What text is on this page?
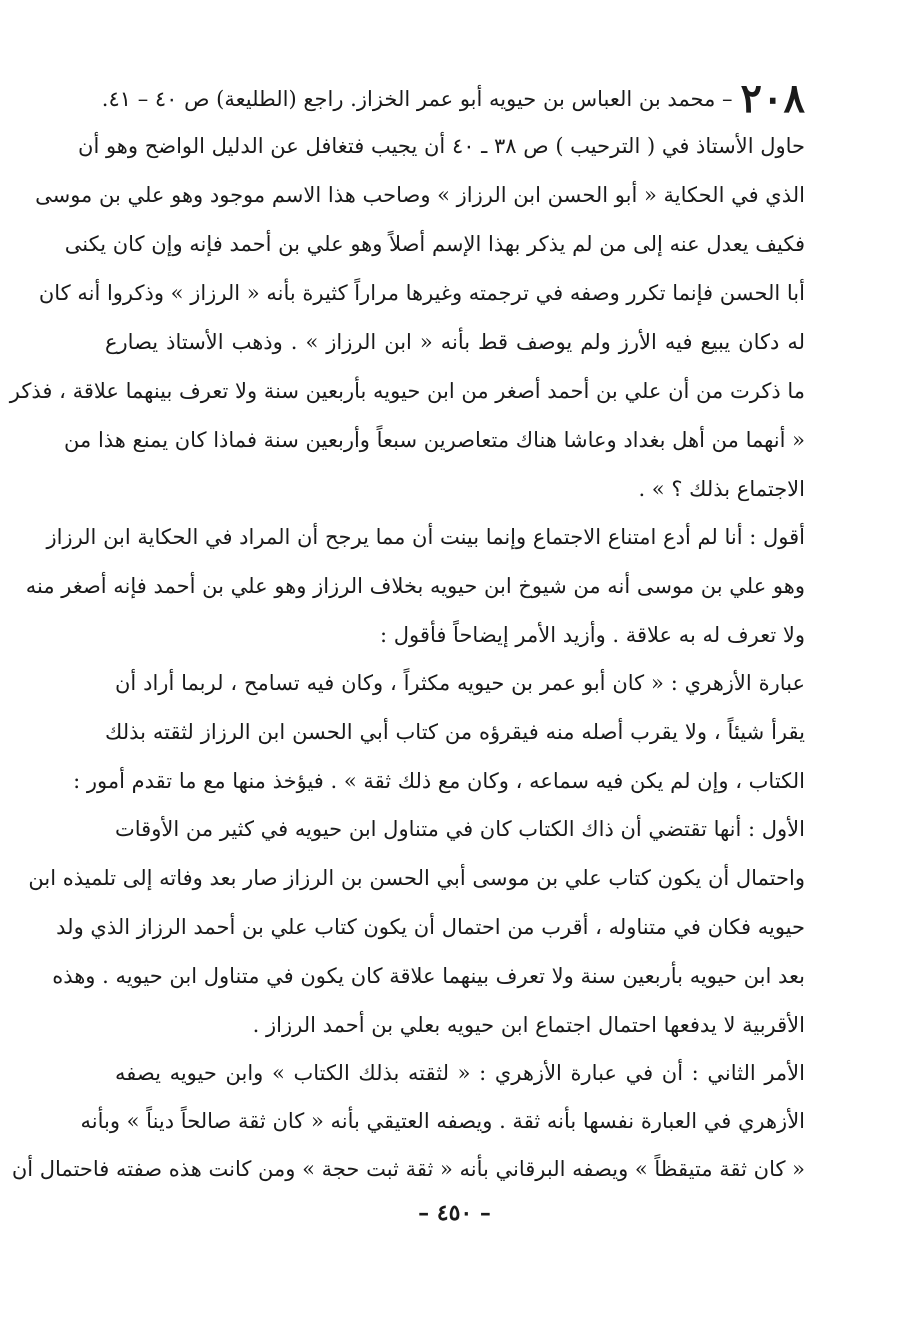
٢٠٨– محمد بن العباس بن حيويه أبو عمر الخزاز. راجع (الطليعة) ص ٤٠ – ٤١.
حاول الأستاذ في ( الترحيب ) ص ٣٨ ـ ٤٠ أن يجيب فتغافل عن الدليل الواضح وهو أن
الذي في الحكاية « أبو الحسن ابن الرزاز » وصاحب هذا الاسم موجود وهو علي بن موسى
فكيف يعدل عنه إلى من لم يذكر بهذا الإسم أصلاً وهو علي بن أحمد فإنه وإن كان يكنى
أبا الحسن فإنما تكرر وصفه في ترجمته وغيرها مراراً كثيرة بأنه « الرزاز » وذكروا أنه كان
له دكان يبيع فيه الأرز ولم يوصف قط بأنه « ابن الرزاز » . وذهب الأستاذ يصارع
ما ذكرت من أن علي بن أحمد أصغر من ابن حيويه بأربعين سنة ولا تعرف بينهما علاقة ، فذكر
« أنهما من أهل بغداد وعاشا هناك متعاصرين سبعاً وأربعين سنة فماذا كان يمنع هذا من
الاجتماع بذلك ؟ » .
أقول : أنا لم أدع امتناع الاجتماع وإنما بينت أن مما يرجح أن المراد في الحكاية ابن الرزاز
وهو علي بن موسى أنه من شيوخ ابن حيويه بخلاف الرزاز وهو علي بن أحمد فإنه أصغر منه
ولا تعرف له به علاقة . وأزيد الأمر إيضاحاً فأقول :
عبارة الأزهري : « كان أبو عمر بن حيويه مكثراً ، وكان فيه تسامح ، لربما أراد أن
يقرأ شيئاً ، ولا يقرب أصله منه فيقرؤه من كتاب أبي الحسن ابن الرزاز لثقته بذلك
الكتاب ، وإن لم يكن فيه سماعه ، وكان مع ذلك ثقة » . فيؤخذ منها مع ما تقدم أمور :
الأول : أنها تقتضي أن ذاك الكتاب كان في متناول ابن حيويه في كثير من الأوقات
واحتمال أن يكون كتاب علي بن موسى أبي الحسن بن الرزاز صار بعد وفاته إلى تلميذه ابن
حيويه فكان في متناوله ، أقرب من احتمال أن يكون كتاب علي بن أحمد الرزاز الذي ولد
بعد ابن حيويه بأربعين سنة ولا تعرف بينهما علاقة كان يكون في متناول ابن حيويه . وهذه
الأقربية لا يدفعها احتمال اجتماع ابن حيويه بعلي بن أحمد الرزاز .
الأمر الثاني : أن في عبارة الأزهري : « لثقته بذلك الكتاب » وابن حيويه يصفه
الأزهري في العبارة نفسها بأنه ثقة . ويصفه العتيقي بأنه « كان ثقة صالحاً ديناً » وبأنه
« كان ثقة متيقظاً » ويصفه البرقاني بأنه « ثقة ثبت حجة » ومن كانت هذه صفته فاحتمال أن
– ٤٥٠ –
